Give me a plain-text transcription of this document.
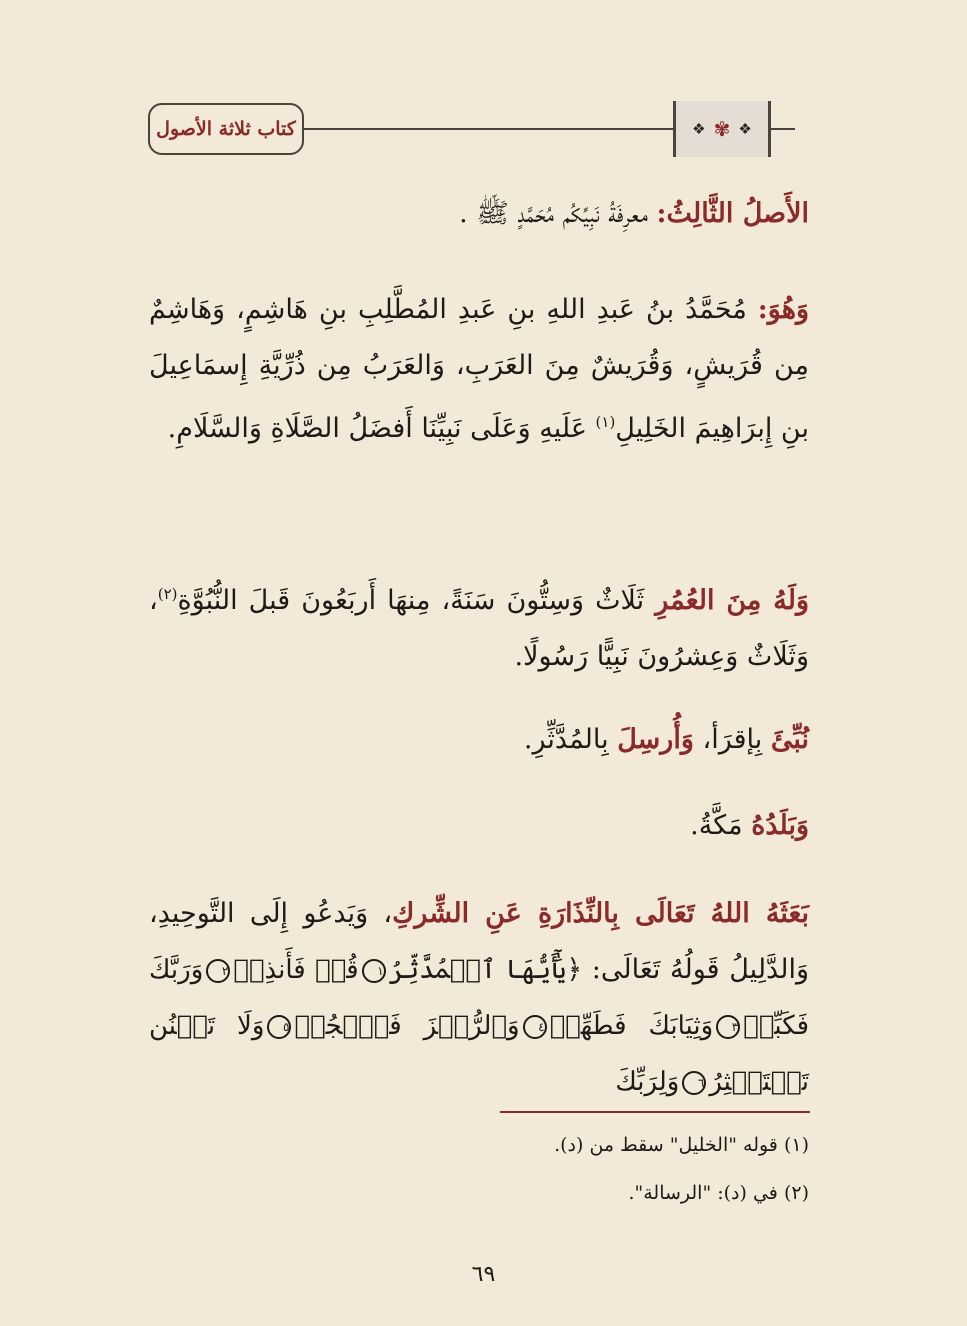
كتاب ثلاثة الأصول	❖ ✾ ❖

الأَصلُ الثَّالِثُ: معرِفَةُ نَبِيِّكُم مُحَمَّدٍ ﷺ .

وَهُوَ: مُحَمَّدُ بنُ عَبدِ اللهِ بنِ عَبدِ المُطَّلِبِ بنِ هَاشِمٍ، وَهَاشِمٌ مِن قُرَيشٍ، وَقُرَيشٌ مِنَ العَرَبِ، وَالعَرَبُ مِن ذُرِّيَّةِ إِسمَاعِيلَ بنِ إِبرَاهِيمَ الخَلِيلِ$^{(١)}$ عَلَيهِ وَعَلَى نَبِيِّنَا أَفضَلُ الصَّلَاةِ وَالسَّلَامِ.

وَلَهُ مِنَ العُمُرِ ثَلَاثٌ وَسِتُّونَ سَنَةً، مِنهَا أَربَعُونَ قَبلَ النُّبُوَّةِ$^{(٢)}$، وَثَلَاثٌ وَعِشرُونَ نَبِيًّا رَسُولًا.

نُبِّئَ بِإقرَأ، وَأُرسِلَ بِالمُدَّثِّرِ.

وَبَلَدُهُ مَكَّةُ.

بَعَثَهُ اللهُ تَعَالَى بِالنِّذَارَةِ عَنِ الشِّركِ، وَيَدعُو إِلَى التَّوحِيدِ، وَالدَّلِيلُ قَولُهُ تَعَالَى: ﴿يَٰٓأَيُّهَا ٱلۡمُدَّثِّرُ١قُمۡ فَأَنذِرۡ٢وَرَبَّكَ فَكَبِّرۡ٣وَثِيَابَكَ فَطَهِّرۡ٤وَٱلرُّجۡزَ فَٱهۡجُرۡ٥وَلَا تَمۡنُن تَسۡتَكۡثِرُ٦وَلِرَبِّكَ

(١) قوله "الخليل" سقط من (د).

(٢) في (د): "الرسالة".

٦٩
